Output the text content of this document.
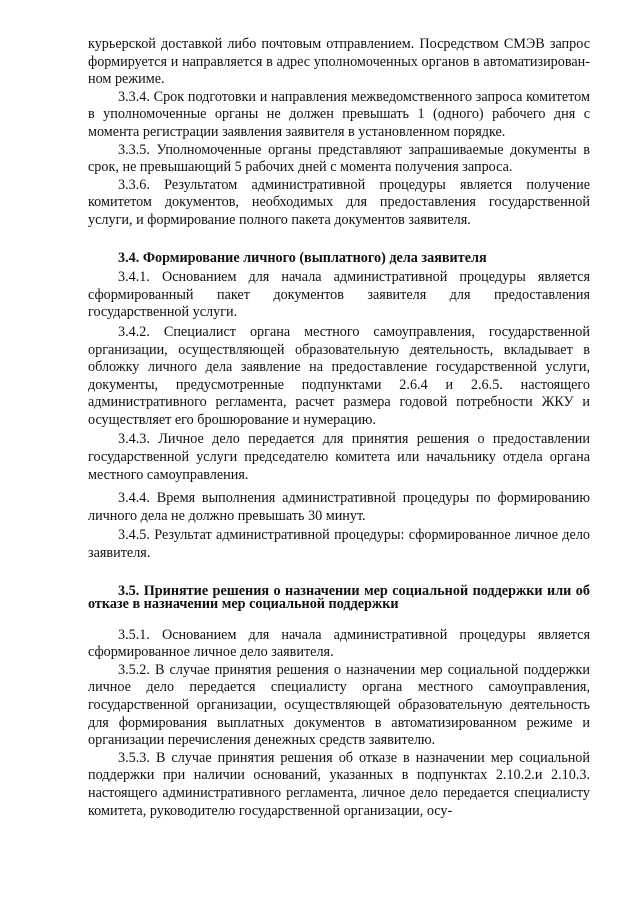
курьерской доставкой либо почтовым отправлением. Посредством СМЭВ запрос формируется и направляется в адрес уполномоченных органов в автоматизирован-ном режиме.

3.3.4. Срок подготовки и направления межведомственного запроса комитетом в уполномоченные органы не должен превышать 1 (одного) рабочего дня с момента регистрации заявления заявителя в установленном порядке.

3.3.5. Уполномоченные органы представляют запрашиваемые документы в срок, не превышающий 5 рабочих дней с момента получения запроса.

3.3.6. Результатом административной процедуры является получение комитетом документов, необходимых для предоставления государственной услуги, и формирование полного пакета документов заявителя.

3.4. Формирование личного (выплатного) дела заявителя

3.4.1. Основанием для начала административной процедуры является сформированный пакет документов заявителя для предоставления государственной услуги.

3.4.2. Специалист органа местного самоуправления, государственной организации, осуществляющей образовательную деятельность, вкладывает в обложку личного дела заявление на предоставление государственной услуги, документы, предусмотренные подпунктами 2.6.4 и 2.6.5. настоящего административного регламента, расчет размера годовой потребности ЖКУ и осуществляет его брошюрование и нумерацию.

3.4.3. Личное дело передается для принятия решения о предоставлении государственной услуги председателю комитета или начальнику отдела органа местного самоуправления.

3.4.4. Время выполнения административной процедуры по формированию личного дела не должно превышать 30 минут.

3.4.5. Результат административной процедуры: сформированное личное дело заявителя.

3.5. Принятие решения о назначении мер социальной поддержки или об отказе в назначении мер социальной поддержки

3.5.1. Основанием для начала административной процедуры является сформированное личное дело заявителя.

3.5.2. В случае принятия решения о назначении мер социальной поддержки личное дело передается специалисту органа местного самоуправления, государственной организации, осуществляющей образовательную деятельность для формирования выплатных документов в автоматизированном режиме и организации перечисления денежных средств заявителю.

3.5.3. В случае принятия решения об отказе в назначении мер социальной поддержки при наличии оснований, указанных в подпунктах 2.10.2.и 2.10.3. настоящего административного регламента, личное дело передается специалисту комитета, руководителю государственной организации, осу-
